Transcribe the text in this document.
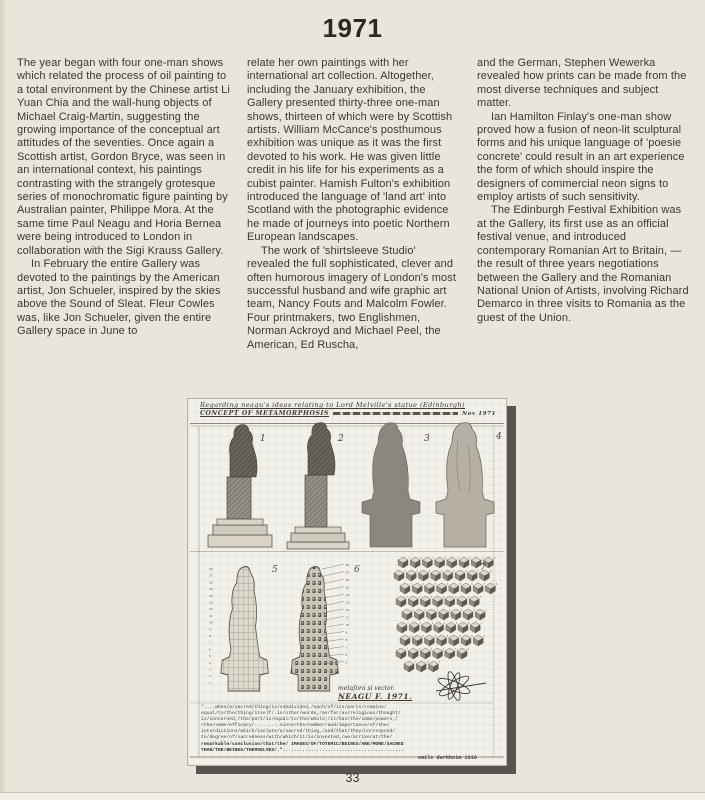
1971

The year began with four one-man shows which related the process of oil painting to a total environment by the Chinese artist Li Yuan Chia and the wall-hung objects of Michael Craig-Martin, suggesting the growing importance of the conceptual art attitudes of the seventies. Once again a Scottish artist, Gordon Bryce, was seen in an international context, his paintings contrasting with the strangely grotesque series of monochromatic figure painting by Australian painter, Philippe Mora. At the same time Paul Neagu and Horia Bernea were being introduced to London in collaboration with the Sigi Krauss Gallery.

In February the entire Gallery was devoted to the paintings by the American artist, Jon Schueler, inspired by the skies above the Sound of Sleat. Fleur Cowles was, like Jon Schueler, given the entire Gallery space in June to

relate her own paintings with her international art collection. Altogether, including the January exhibition, the Gallery presented thirty-three one-man shows, thirteen of which were by Scottish artists. William McCance's posthumous exhibition was unique as it was the first devoted to his work. He was given little credit in his life for his experiments as a cubist painter. Hamish Fulton's exhibition introduced the language of 'land art' into Scotland with the photographic evidence he made of journeys into poetic Northern European landscapes.

The work of 'shirtsleeve Studio' revealed the full sophisticated, clever and often humorous imagery of London's most successful husband and wife graphic art team, Nancy Fouts and Malcolm Fowler. Four printmakers, two Englishmen, Norman Ackroyd and Michael Peel, the American, Ed Ruscha,

and the German, Stephen Wewerka revealed how prints can be made from the most diverse techniques and subject matter.

Ian Hamilton Finlay's one-man show proved how a fusion of neon-lit sculptural forms and his unique language of 'poesie concrete' could result in an art experience the form of which should inspire the designers of commercial neon signs to employ artists of such sensitivity.

The Edinburgh Festival Exhibition was at the Gallery, its first use as an official festival venue, and introduced contemporary Romanian Art to Britain, — the result of three years negotiations between the Gallery and the Romanian National Union of Artists, involving Richard Demarco in three visits to Romania as the guest of the Union.

1	2	3	4
5
18
17
16
15
14
13
12
11
10
9
8
7
6
5
4
3
2
1
18
17
16
15
14
13
12
11
10
9
8
7
6
5
6
1	2	3	4	5	6	7	8
1	2	3	4	5	6	7	8
1	2	3	4	5	6	7	8
1	2	3	4	5	6	7
1	2	3	4	5	6	7
1	2	3	4	5	6	7
1	2	3	4	5	6	7
1	2	3	4	5	6
1	2	3
7
Regarding neagu's ideas relating to Lord Melville's statue (Edinburgh)
CONCEPT OF METAMORPHOSIS	Nov 1971
metafora si vector.
NEAGU F. 1971.
"....when/a/sacred/thing/is/subdivided,/each/of/its/parts/remains/
equal/to/the/thing/itself/.in/other/words,/as/far/as/religious/thought/
is/concerned,/the/part/is/equal/to/the/whole;/it/has/the/same/powers,/
/the/same/efficacy/.........since/the/number/and/importance/of/the/
interdictions/which/isolate/a/sacred/thing,/and/that/they/correspond/
to/degree/of/sacredness/with/which/it/is/invested,/we/arrive/at/the/
remarkable/conclusion/that/the/ IMAGES/OF/TOTEMIC/BEINGS/ARE/MORE/SACRED
THAN/THE/BEINGS/THEMSELVES/."...........................................
emile durkheim 1910
33
